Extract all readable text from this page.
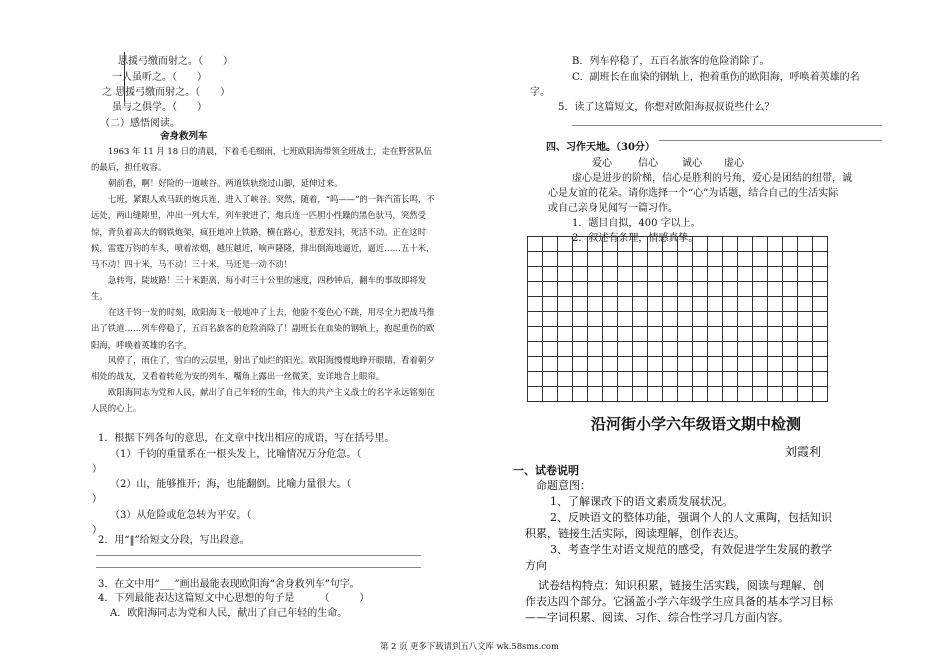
思援弓缴而射之。（　　）
一人虽听之。（　　）
之 思援弓缴而射之。（　　）
虽与之俱学。（　　）
（二）感悟阅读。
舍身救列车
1963 年 11 月 18 日的清晨，下着毛毛细雨，七班欧阳海带领全班战士，走在野营队伍的最后，担任收容。
朝前看，啊！好险的一道峡谷。两道铁轨绕过山脚，延伸过来。
七班，紧跟人欢马跃的炮兵连，进入了峡谷。突然，随着，“呜——”的一阵汽笛长鸣，不远处，两山缝隙里，冲出一列大车，列车驶进了，炮兵连一匹胆小性躁的黑色驮马，突然受惊，背负着高大的钢铁炮架，疯狂地冲上铁路，横在路心，惹惹发抖，死活不动。正在这时候，雷霆万钧的车头，喷着浓烟，越压越近，响声隆隆，排出倒海地逼近，逼近……五十米，马不动！四十米，马不动！三十米，马还是一动不动！
急转弯，陡坡路！三十米距离，每小时三十公里的速度，四秒钟后，翻车的事故即将发生。
在这千钧一发的时刻，欧阳海飞一般地冲了上去，他脸不变色心不跳，用尽全力把战马推出了铁道……列车停稳了，五百名旅客的危险消除了！副班长在血染的钢轨上，抱起重伤的欧阳海，呼唤着英雄的名字。
风停了，雨住了，雪白的云层里，射出了灿烂的阳光。欧阳海慢慢地睁开眼睛，看着朝夕相处的战友，又看着转危为安的列车，嘴角上露出一丝微笑，安详地合上眼帘。
欧阳海同志为党和人民，献出了自己年轻的生命，伟大的共产主义战士的名字永远铭刻在人民的心上。
1．根据下列各句的意思，在文章中找出相应的成语，写在括号里。
（1）千钧的重量系在一根头发上，比喻情况万分危急。（
）
（2）山，能够推开；海，也能翻倒。比喻力量很大。（
）
（3）从危险或危急转为平安。（
）
2．用“‖”给短文分段，写出段意。
3．在文中用“___”画出最能表现欧阳海“舍身救列车”句字。
4．下列最能表达这篇短文中心思想的句子是　　　（　　　）
A．欧阳海同志为党和人民，献出了自己年轻的生命。
B．列车停稳了，五百名旅客的危险消除了。
C．副班长在血染的钢轨上，抱着重伤的欧阳海，呼唤着英雄的名
字。
5．读了这篇短文，你想对欧阳海叔叔说些什么？
四、习作天地。（30分）
爱心	信心 诚心 虚心
虚心是进步的阶梯，信心是胜利的号角，爱心是团结的纽带，诚
心是友谊的花朵。请你选择一个“心”为话题，结合自己的生活实际
或自己亲身见闻写一篇习作。
1．题目自拟，400 字以上。
2．叙述有条理，情感真挚。

沿河街小学六年级语文期中检测
刘霞利
一、试卷说明
命题意图：
1、了解课改下的语文素质发展状况。
2、反映语文的整体功能，强调个人的人文熏陶，包括知识
积累，链接生活实际，阅读理解，创作表达。
3、考查学生对语文规范的感受，有效促进学生发展的教学
方向
试卷结构特点：知识积累，链接生活实践，阅读与理解、创
作表达四个部分。它涵盖小学六年级学生应具备的基本学习目标
——字词积累、阅读、习作、综合性学习几方面内容。
第 2 页 更多下载请到五八文库 wk.58sms.com
